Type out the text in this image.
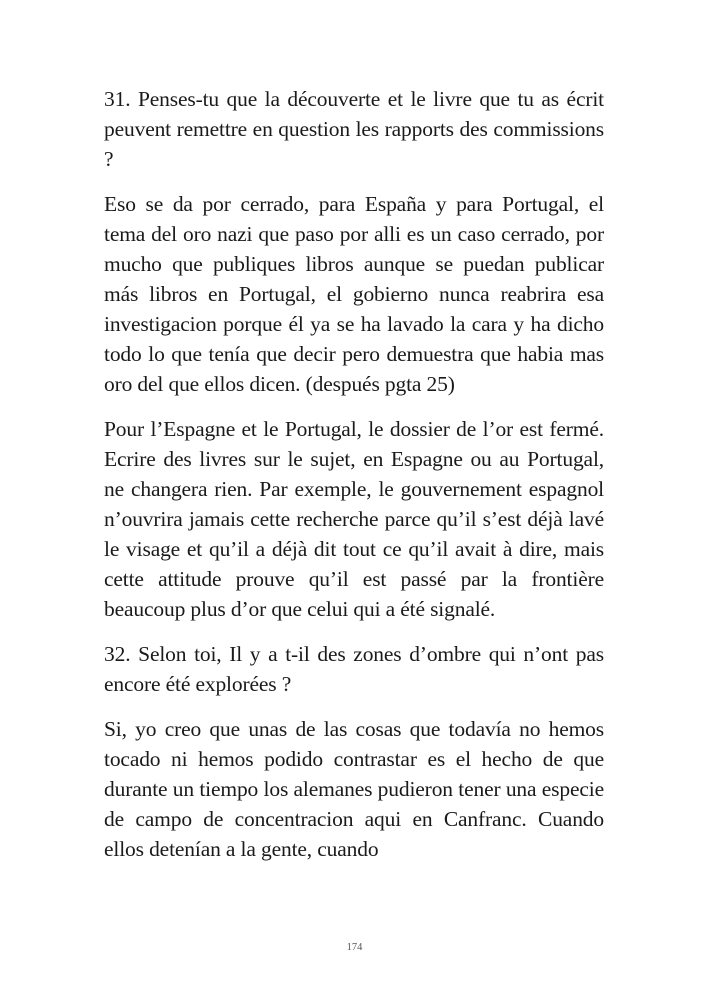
31. Penses-tu que la découverte et le livre que tu as écrit peuvent remettre en question les rapports des commissions ?

Eso se da por cerrado, para España y para Portugal, el tema del oro nazi que paso por alli es un caso cerrado, por mucho que publiques libros aunque se puedan publicar más libros en Portugal, el gobierno nunca reabrira esa investigacion porque él ya se ha lavado la cara y ha dicho todo lo que tenía que decir pero demuestra que habia mas oro del que ellos dicen. (después pgta 25)

Pour l’Espagne et le Portugal, le dossier de l’or est fermé. Ecrire des livres sur le sujet, en Espagne ou au Portugal, ne changera rien. Par exemple, le gouvernement espagnol n’ouvrira jamais cette recherche parce qu’il s’est déjà lavé le visage et qu’il a déjà dit tout ce qu’il avait à dire, mais cette attitude prouve qu’il est passé par la frontière beaucoup plus d’or que celui qui a été signalé.

32. Selon toi, Il y a t-il des zones d’ombre qui n’ont pas encore été explorées ?

Si, yo creo que unas de las cosas que todavía no hemos tocado ni hemos podido contrastar es el hecho de que durante un tiempo los alemanes pudieron tener una especie de campo de concentracion aqui en Canfranc. Cuando ellos detenían a la gente, cuando

174
